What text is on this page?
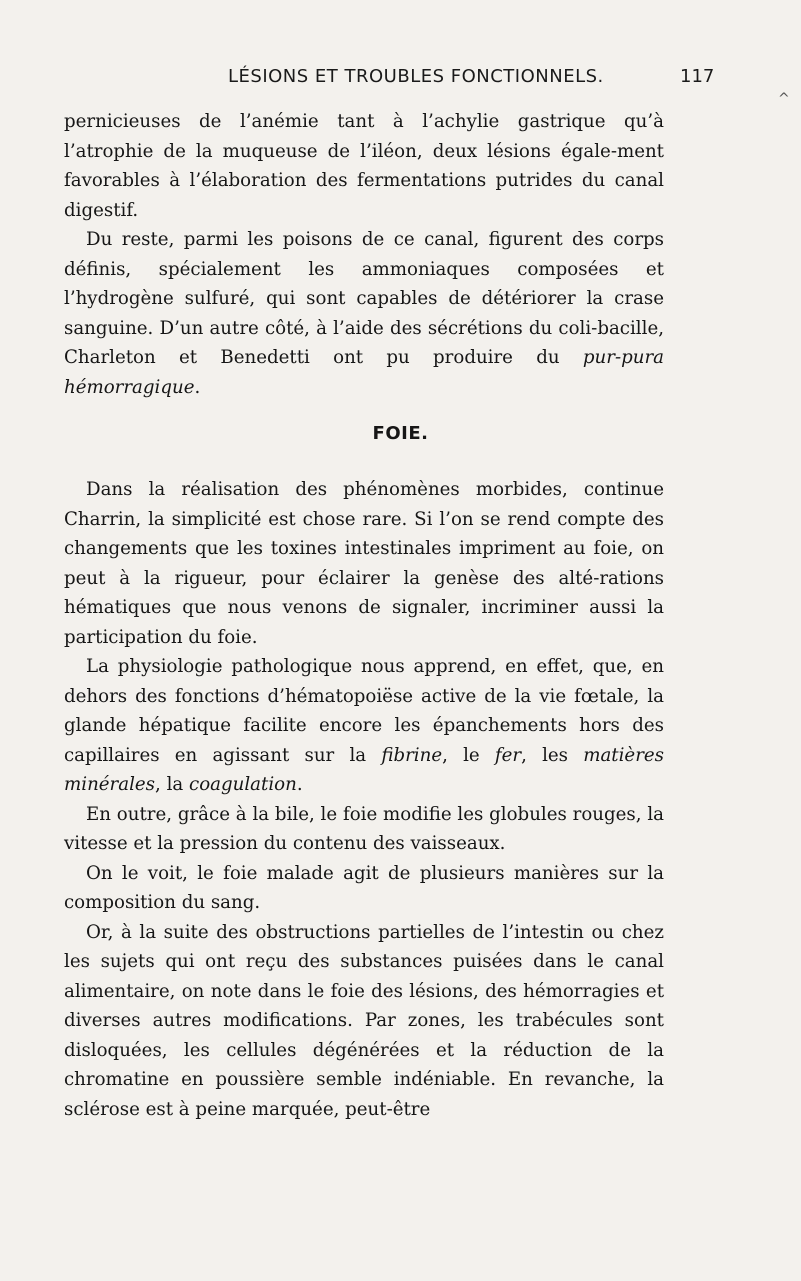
LÉSIONS ET TROUBLES FONCTIONNELS.	117
^

pernicieuses de l’anémie tant à l’achylie gastrique qu’à l’atrophie de la muqueuse de l’iléon, deux lésions égale-ment favorables à l’élaboration des fermentations putrides du canal digestif.

Du reste, parmi les poisons de ce canal, figurent des corps définis, spécialement les ammoniaques composées et l’hydrogène sulfuré, qui sont capables de détériorer la crase sanguine. D’un autre côté, à l’aide des sécrétions du coli-bacille, Charleton et Benedetti ont pu produire du pur-pura hémorragique.

FOIE.

Dans la réalisation des phénomènes morbides, continue Charrin, la simplicité est chose rare. Si l’on se rend compte des changements que les toxines intestinales impriment au foie, on peut à la rigueur, pour éclairer la genèse des alté-rations hématiques que nous venons de signaler, incriminer aussi la participation du foie.

La physiologie pathologique nous apprend, en effet, que, en dehors des fonctions d’hématopoiëse active de la vie fœtale, la glande hépatique facilite encore les épanchements hors des capillaires en agissant sur la fibrine, le fer, les matières minérales, la coagulation.

En outre, grâce à la bile, le foie modifie les globules rouges, la vitesse et la pression du contenu des vaisseaux.

On le voit, le foie malade agit de plusieurs manières sur la composition du sang.

Or, à la suite des obstructions partielles de l’intestin ou chez les sujets qui ont reçu des substances puisées dans le canal alimentaire, on note dans le foie des lésions, des hémorragies et diverses autres modifications. Par zones, les trabécules sont disloquées, les cellules dégénérées et la réduction de la chromatine en poussière semble indéniable. En revanche, la sclérose est à peine marquée, peut-être
